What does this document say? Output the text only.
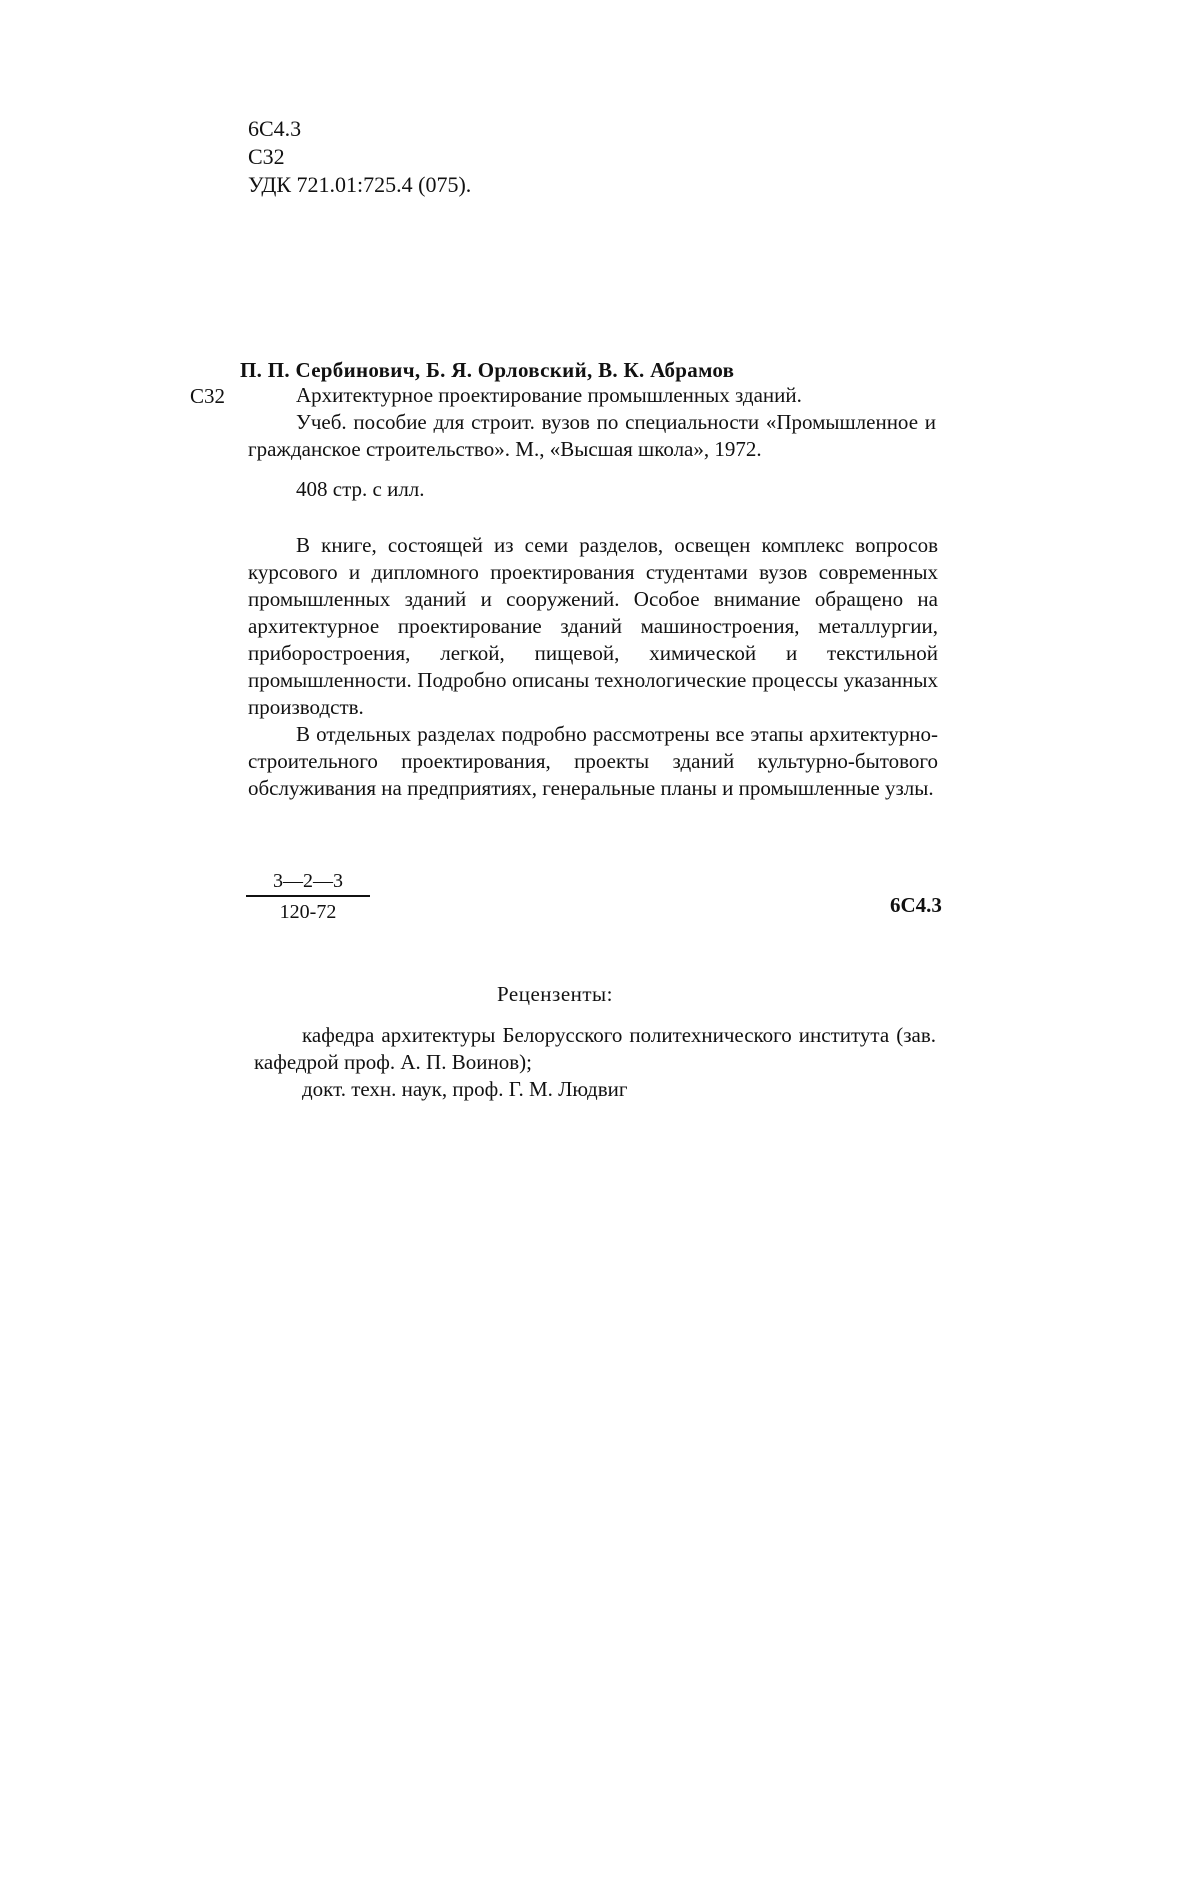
6С4.3
С32
УДК 721.01:725.4 (075).
П. П. Сербинович, Б. Я. Орловский, В. К. Абрамов
С32	Архитектурное проектирование промышленных зданий.

Учеб. пособие для строит. вузов по специальности «Промышленное и гражданское строительство». М., «Высшая школа», 1972.

408 стр. с илл.

В книге, состоящей из семи разделов, освещен комплекс вопросов курсового и дипломного проектирования студентами вузов современных промышленных зданий и сооружений. Особое внимание обращено на архитектурное проектирование зданий машиностроения, металлургии, приборостроения, легкой, пищевой, химической и текстильной промышленности. Подробно описаны технологические процессы указанных производств.

В отдельных разделах подробно рассмотрены все этапы архитектурно-строительного проектирования, проекты зданий культурно-бытового обслуживания на предприятиях, генеральные планы и промышленные узлы.

3—2—3
120-72	6С4.3
Рецензенты:

кафедра архитектуры Белорусского политехнического института (зав. кафедрой проф. А. П. Воинов);

докт. техн. наук, проф. Г. М. Людвиг
